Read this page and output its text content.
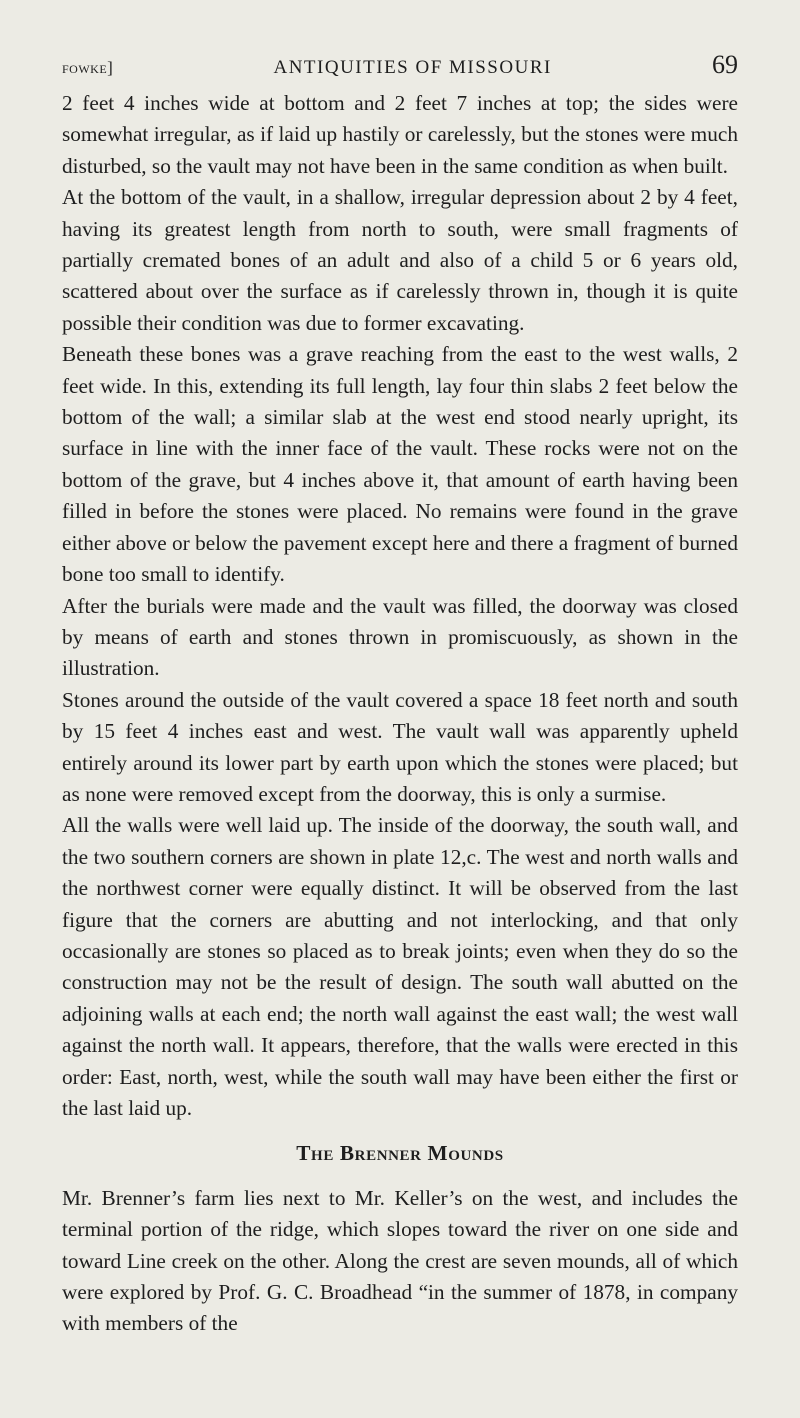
fowke]	ANTIQUITIES OF MISSOURI	69

2 feet 4 inches wide at bottom and 2 feet 7 inches at top; the sides were somewhat irregular, as if laid up hastily or carelessly, but the stones were much disturbed, so the vault may not have been in the same condition as when built.

At the bottom of the vault, in a shallow, irregular depression about 2 by 4 feet, having its greatest length from north to south, were small fragments of partially cremated bones of an adult and also of a child 5 or 6 years old, scattered about over the surface as if carelessly thrown in, though it is quite possible their condition was due to former excavating.

Beneath these bones was a grave reaching from the east to the west walls, 2 feet wide. In this, extending its full length, lay four thin slabs 2 feet below the bottom of the wall; a similar slab at the west end stood nearly upright, its surface in line with the inner face of the vault. These rocks were not on the bottom of the grave, but 4 inches above it, that amount of earth having been filled in before the stones were placed. No remains were found in the grave either above or below the pavement except here and there a fragment of burned bone too small to identify.

After the burials were made and the vault was filled, the doorway was closed by means of earth and stones thrown in promiscuously, as shown in the illustration.

Stones around the outside of the vault covered a space 18 feet north and south by 15 feet 4 inches east and west. The vault wall was apparently upheld entirely around its lower part by earth upon which the stones were placed; but as none were removed except from the doorway, this is only a surmise.

All the walls were well laid up. The inside of the doorway, the south wall, and the two southern corners are shown in plate 12,c. The west and north walls and the northwest corner were equally distinct. It will be observed from the last figure that the corners are abutting and not interlocking, and that only occasionally are stones so placed as to break joints; even when they do so the construction may not be the result of design. The south wall abutted on the adjoining walls at each end; the north wall against the east wall; the west wall against the north wall. It appears, therefore, that the walls were erected in this order: East, north, west, while the south wall may have been either the first or the last laid up.

The Brenner Mounds

Mr. Brenner’s farm lies next to Mr. Keller’s on the west, and includes the terminal portion of the ridge, which slopes toward the river on one side and toward Line creek on the other. Along the crest are seven mounds, all of which were explored by Prof. G. C. Broadhead “in the summer of 1878, in company with members of the
